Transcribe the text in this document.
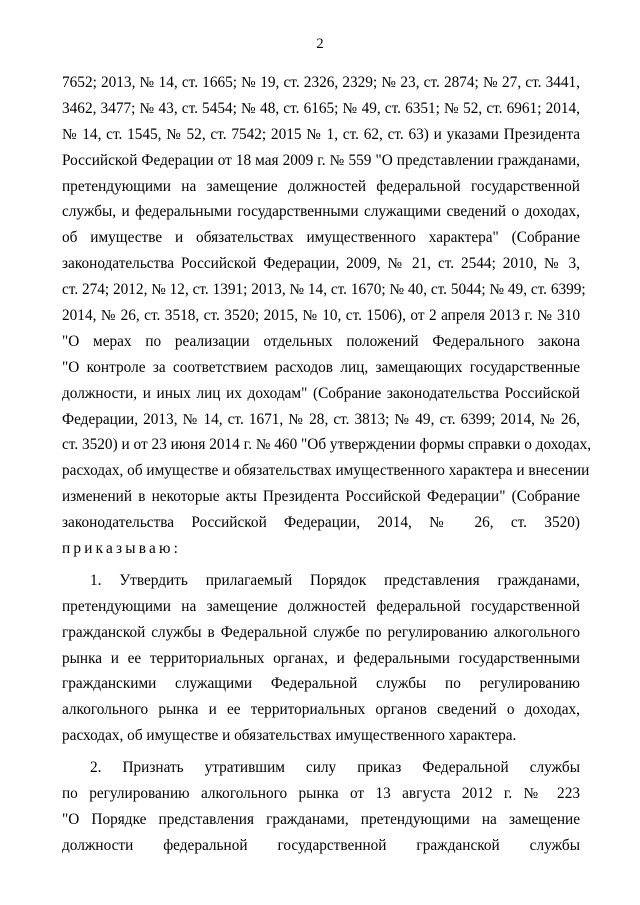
2
7652; 2013, № 14, ст. 1665; № 19, ст. 2326, 2329; № 23, ст. 2874; № 27, ст. 3441,
3462, 3477; № 43, ст. 5454; № 48, ст. 6165; № 49, ст. 6351; № 52, ст. 6961; 2014,
№ 14, ст. 1545, № 52, ст. 7542; 2015 № 1, ст. 62, ст. 63) и указами Президента
Российской Федерации от 18 мая 2009 г. № 559 "О представлении гражданами,
претендующими на замещение должностей федеральной государственной
службы, и федеральными государственными служащими сведений о доходах,
об имуществе и обязательствах имущественного характера" (Собрание
законодательства Российской Федерации, 2009, № 21, ст. 2544; 2010, № 3,
ст. 274; 2012, № 12, ст. 1391; 2013, № 14, ст. 1670; № 40, ст. 5044; № 49, ст. 6399;
2014, № 26, ст. 3518, ст. 3520; 2015, № 10, ст. 1506), от 2 апреля 2013 г. № 310
"О мерах по реализации отдельных положений Федерального закона
"О контроле за соответствием расходов лиц, замещающих государственные
должности, и иных лиц их доходам" (Собрание законодательства Российской
Федерации, 2013, № 14, ст. 1671, № 28, ст. 3813; № 49, ст. 6399; 2014, № 26,
ст. 3520) и от 23 июня 2014 г. № 460 "Об утверждении формы справки о доходах,
расходах, об имуществе и обязательствах имущественного характера и внесении
изменений в некоторые акты Президента Российской Федерации" (Собрание
законодательства Российской Федерации, 2014, № 26, ст. 3520)
приказываю:
1. Утвердить прилагаемый Порядок представления гражданами,
претендующими на замещение должностей федеральной государственной
гражданской службы в Федеральной службе по регулированию алкогольного
рынка и ее территориальных органах, и федеральными государственными
гражданскими служащими Федеральной службы по регулированию
алкогольного рынка и ее территориальных органов сведений о доходах,
расходах, об имуществе и обязательствах имущественного характера.
2. Признать утратившим силу приказ Федеральной службы
по регулированию алкогольного рынка от 13 августа 2012 г. № 223
"О Порядке представления гражданами, претендующими на замещение
должности федеральной государственной гражданской службы
